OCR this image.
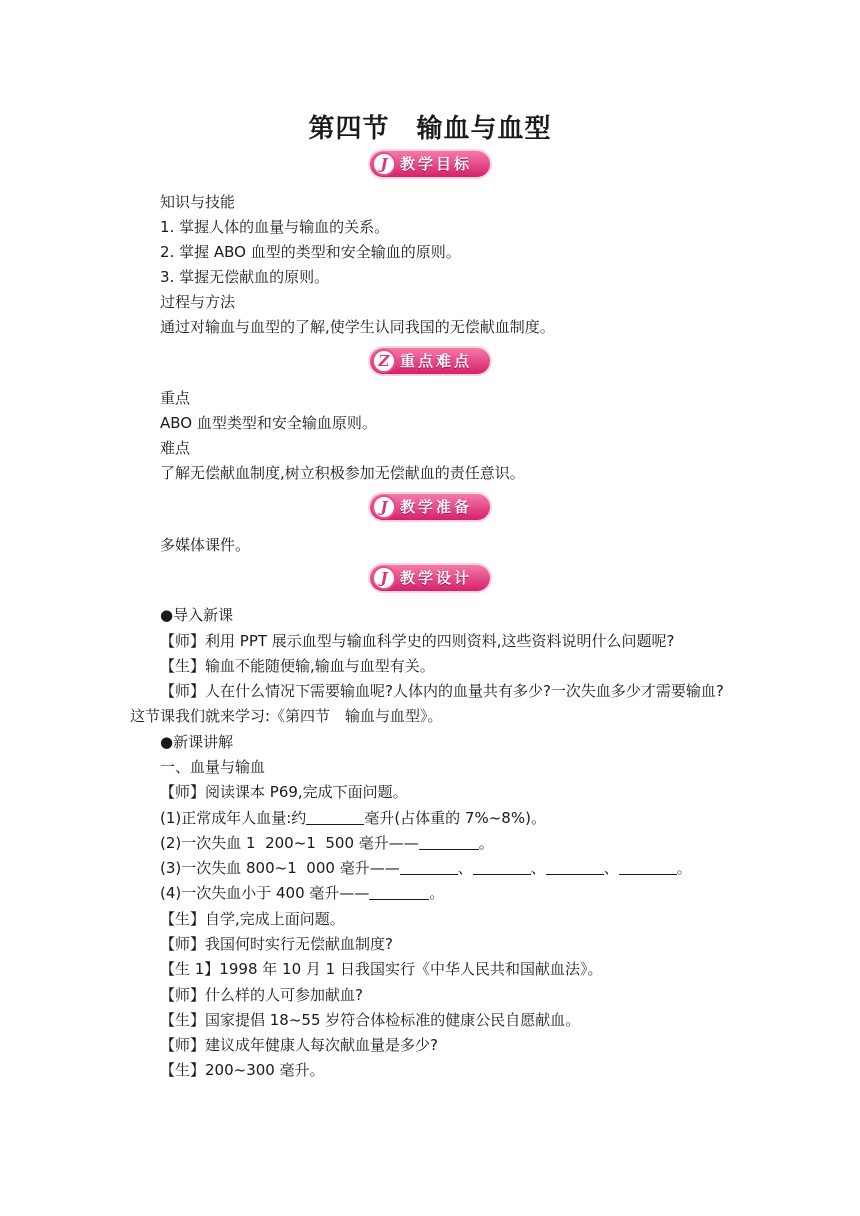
第四节　输血与血型
J 教学目标
知识与技能
1. 掌握人体的血量与输血的关系。
2. 掌握 ABO 血型的类型和安全输血的原则。
3. 掌握无偿献血的原则。
过程与方法
通过对输血与血型的了解,使学生认同我国的无偿献血制度。
Z 重点难点
重点
ABO 血型类型和安全输血原则。
难点
了解无偿献血制度,树立积极参加无偿献血的责任意识。
J 教学准备
多媒体课件。
J 教学设计
●导入新课
【师】利用 PPT 展示血型与输血科学史的四则资料,这些资料说明什么问题呢?
【生】输血不能随便输,输血与血型有关。
【师】人在什么情况下需要输血呢?人体内的血量共有多少?一次失血多少才需要输血?
这节课我们就来学习:《第四节　输血与血型》。
●新课讲解
一、血量与输血
【师】阅读课本 P69,完成下面问题。
(1)正常成年人血量:约	毫升(占体重的 7%~8%)。
(2)一次失血 1  200~1  500 毫升——	。
(3)一次失血 800~1  000 毫升——	、	、	、	。
(4)一次失血小于 400 毫升——	。
【生】自学,完成上面问题。
【师】我国何时实行无偿献血制度?
【生 1】1998 年 10 月 1 日我国实行《中华人民共和国献血法》。
【师】什么样的人可参加献血?
【生】国家提倡 18~55 岁符合体检标准的健康公民自愿献血。
【师】建议成年健康人每次献血量是多少?
【生】200~300 毫升。
